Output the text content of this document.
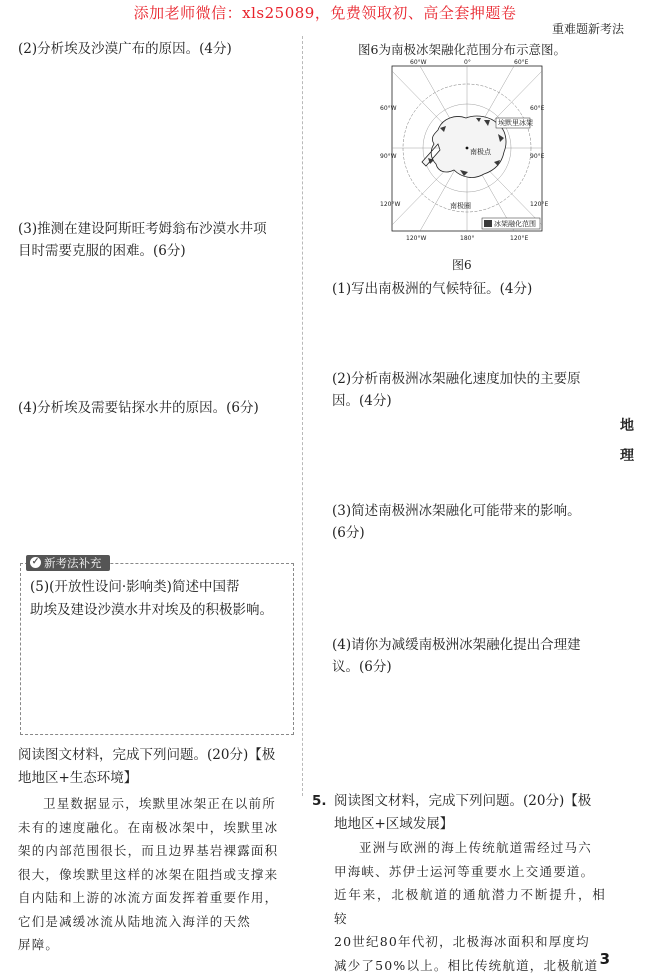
添加老师微信：xls25089，免费领取初、高全套押题卷
重难题新考法
(2)分析埃及沙漠广布的原因。(4分)
(3)推测在建设阿斯旺考姆翁布沙漠水井项
目时需要克服的困难。(6分)
(4)分析埃及需要钻探水井的原因。(6分)
✓ 新考法补充
(5)(开放性设问·影响类)简述中国帮
助埃及建设沙漠水井对埃及的积极影响。
阅读图文材料，完成下列问题。(20分)【极
地地区+生态环境】
卫星数据显示，埃默里冰架正在以前所
未有的速度融化。在南极冰架中，埃默里冰
架的内部范围很长，而且边界基岩裸露面积
很大，像埃默里这样的冰架在阻挡或支撑来
自内陆和上游的冰流方面发挥着重要作用，
它们是减缓冰流从陆地流入海洋的天然
屏障。
图6为南极冰架融化范围分布示意图。
60°W	0°	60°E
120°W	180°	120°E
60°W
90°W
120°W
60°E
90°E
120°E
埃默里冰架
南极点
南极圈
冰架融化范围
图6
(1)写出南极洲的气候特征。(4分)
(2)分析南极洲冰架融化速度加快的主要原
因。(4分)
(3)简述南极洲冰架融化可能带来的影响。
(6分)
(4)请你为减缓南极洲冰架融化提出合理建
议。(6分)
5. 阅读图文材料，完成下列问题。(20分)【极
地地区+区域发展】
亚洲与欧洲的海上传统航道需经过马六
甲海峡、苏伊士运河等重要水上交通要道。
近年来，北极航道的通航潜力不断提升，相较
20世纪80年代初，北极海冰面积和厚度均
减少了50%以上。相比传统航道，北极航道
地
理
3
